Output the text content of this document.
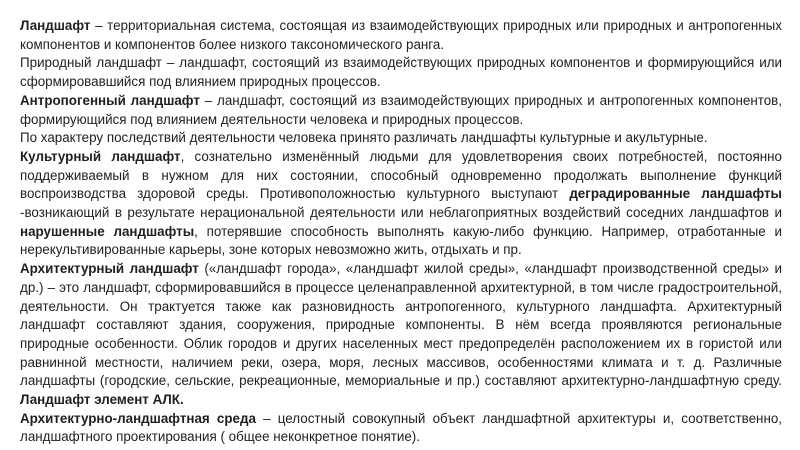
Ландшафт – территориальная система, состоящая из взаимодействующих природных или природных и антропогенных компонентов и компонентов более низкого таксономического ранга.

Природный ландшафт – ландшафт, состоящий из взаимодействующих природных компонентов и формирующийся или сформировавшийся под влиянием природных процессов.

Антропогенный ландшафт – ландшафт, состоящий из взаимодействующих природных и антропогенных компонентов, формирующийся под влиянием деятельности человека и природных процессов.

По характеру последствий деятельности человека принято различать ландшафты культурные и акультурные.

Культурный ландшафт, сознательно изменённый людьми для удовлетворения своих потребностей, постоянно поддерживаемый в нужном для них состоянии, способный одновременно продолжать выполнение функций воспроизводства здоровой среды. Противоположностью культурного выступают деградированные ландшафты -возникающий в результате нерациональной деятельности или неблагоприятных воздействий соседних ландшафтов и нарушенные ландшафты, потерявшие способность выполнять какую-либо функцию. Например, отработанные и нерекультивированные карьеры, зоне которых невозможно жить, отдыхать и пр.

Архитектурный ландшафт («ландшафт города», «ландшафт жилой среды», «ландшафт производственной среды» и др.) – это ландшафт, сформировавшийся в процессе целенаправленной архитектурной, в том числе градостроительной, деятельности. Он трактуется также как разновидность антропогенного, культурного ландшафта. Архитектурный ландшафт составляют здания, сооружения, природные компоненты. В нём всегда проявляются региональные природные особенности. Облик городов и других населенных мест предопределён расположением их в гористой или равнинной местности, наличием реки, озера, моря, лесных массивов, особенностями климата и т. д. Различные ландшафты (городские, сельские, рекреационные, мемориальные и пр.) составляют архитектурно-ландшафтную среду. Ландшафт элемент АЛК.

Архитектурно-ландшафтная среда – целостный совокупный объект ландшафтной архитектуры и, соответственно, ландшафтного проектирования ( общее неконкретное понятие).
